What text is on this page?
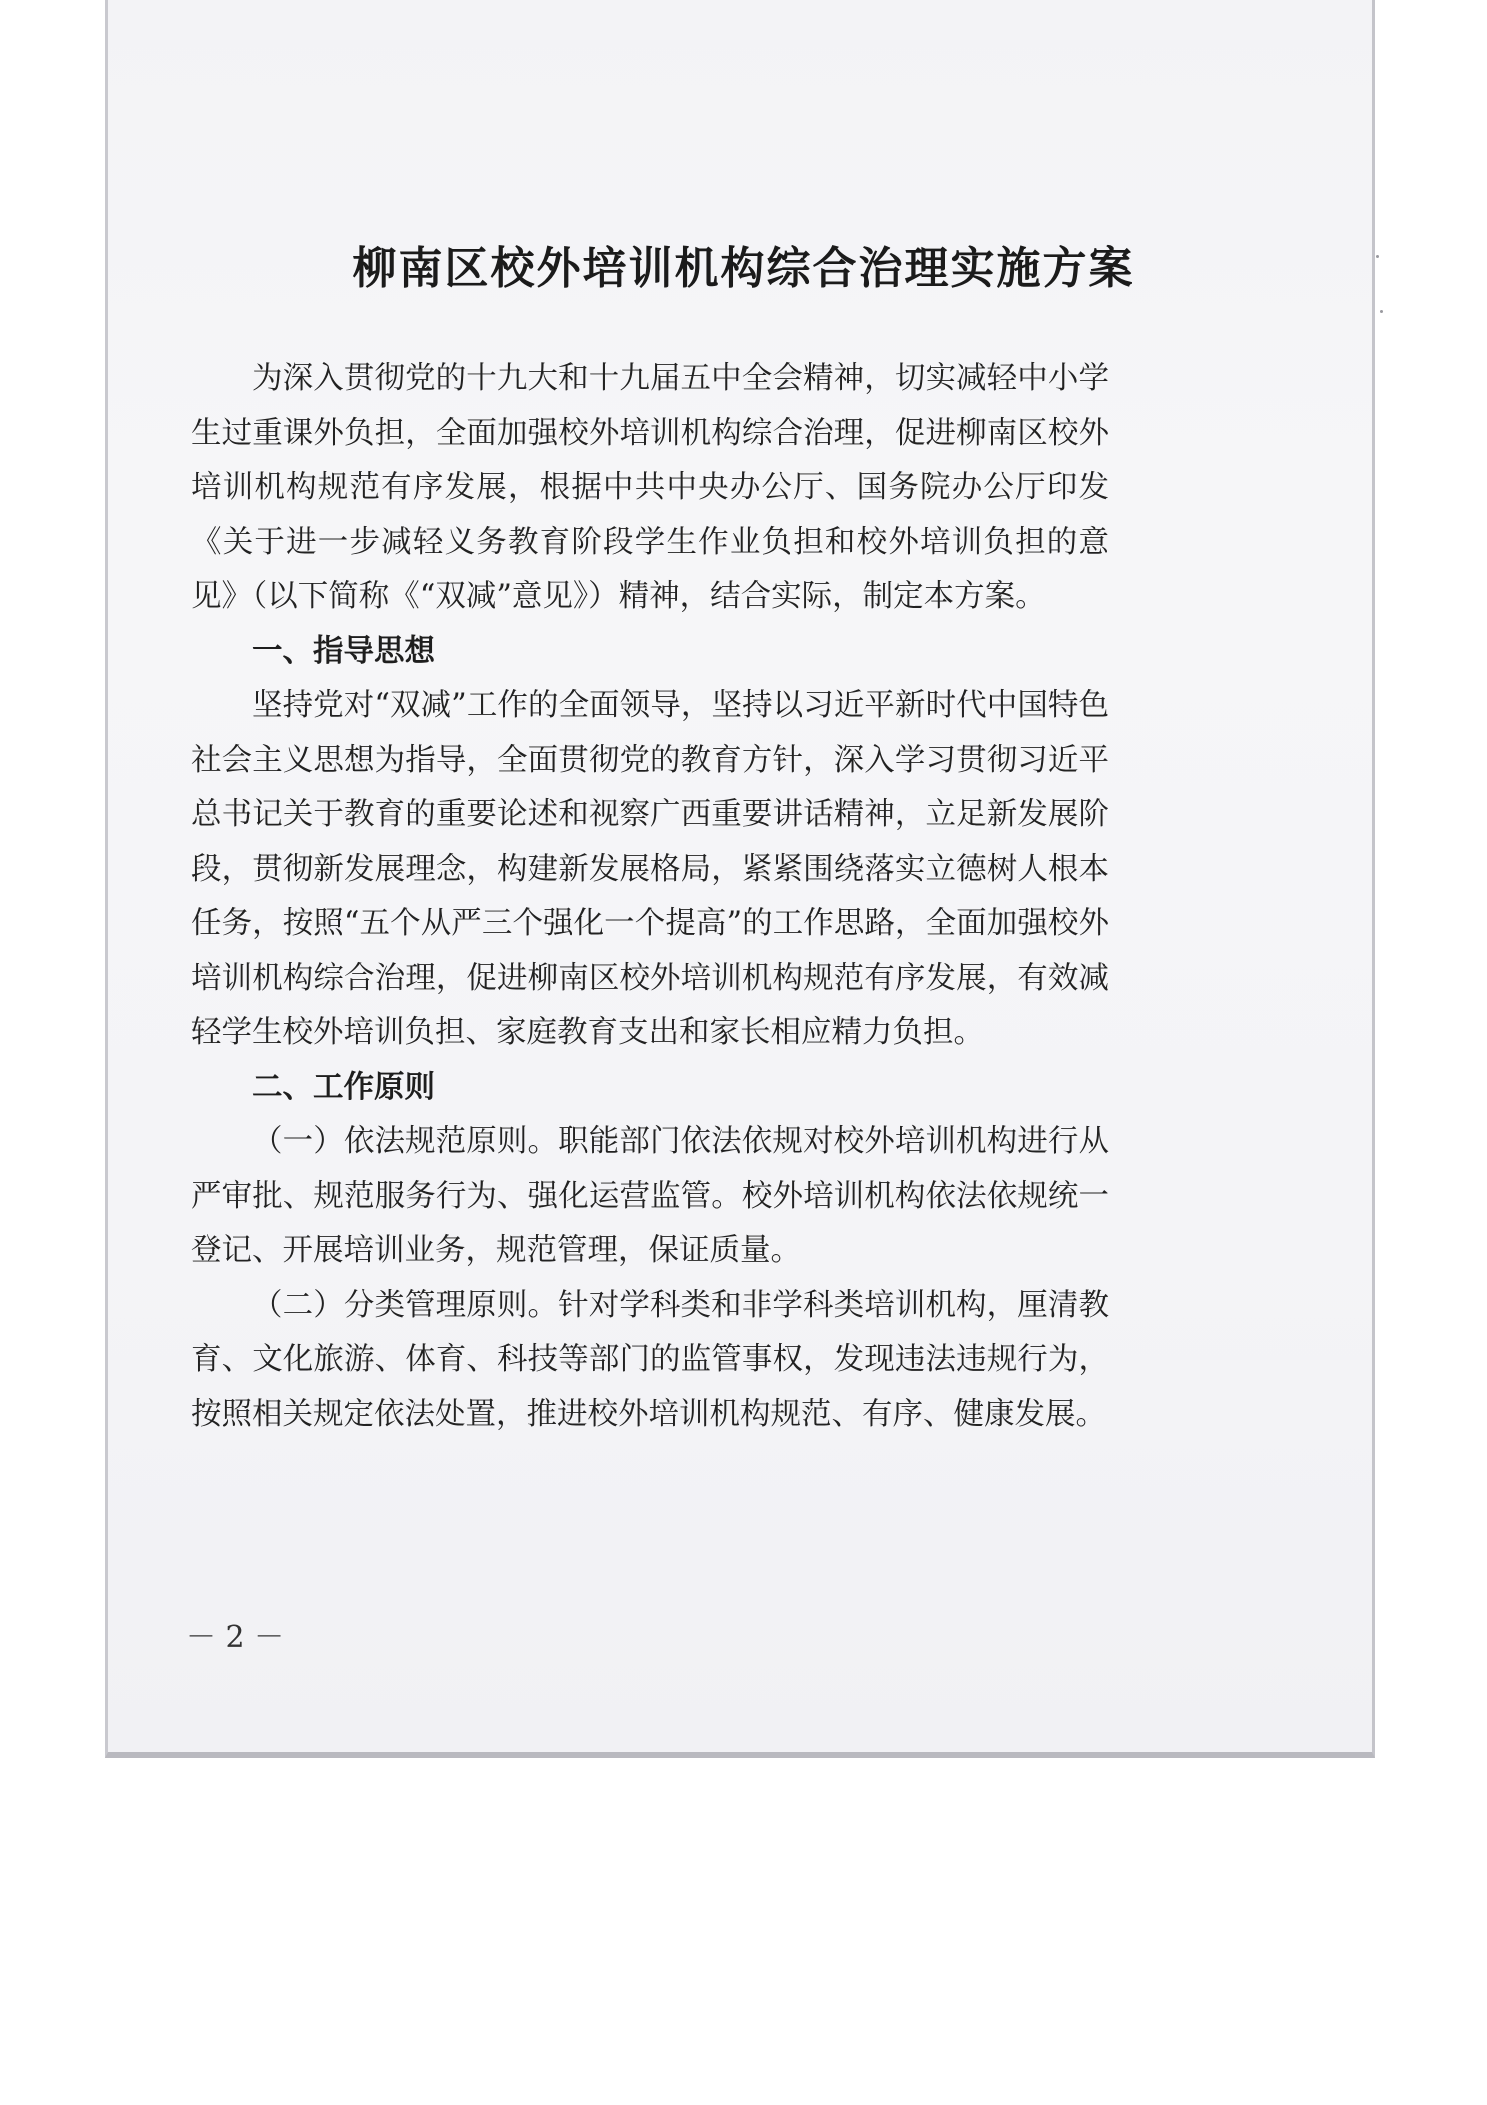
柳南区校外培训机构综合治理实施方案

为深入贯彻党的十九大和十九届五中全会精神，切实减轻中小学生过重课外负担，全面加强校外培训机构综合治理，促进柳南区校外培训机构规范有序发展，根据中共中央办公厅、国务院办公厅印发《关于进一步减轻义务教育阶段学生作业负担和校外培训负担的意见》（以下简称《“双减”意见》）精神，结合实际，制定本方案。

一、指导思想

坚持党对“双减”工作的全面领导，坚持以习近平新时代中国特色社会主义思想为指导，全面贯彻党的教育方针，深入学习贯彻习近平总书记关于教育的重要论述和视察广西重要讲话精神，立足新发展阶段，贯彻新发展理念，构建新发展格局，紧紧围绕落实立德树人根本任务，按照“五个从严三个强化一个提高”的工作思路，全面加强校外培训机构综合治理，促进柳南区校外培训机构规范有序发展，有效减轻学生校外培训负担、家庭教育支出和家长相应精力负担。

二、工作原则

（一）依法规范原则。职能部门依法依规对校外培训机构进行从严审批、规范服务行为、强化运营监管。校外培训机构依法依规统一登记、开展培训业务，规范管理，保证质量。

（二）分类管理原则。针对学科类和非学科类培训机构，厘清教育、文化旅游、体育、科技等部门的监管事权，发现违法违规行为，按照相关规定依法处置，推进校外培训机构规范、有序、健康发展。

－ 2 －
